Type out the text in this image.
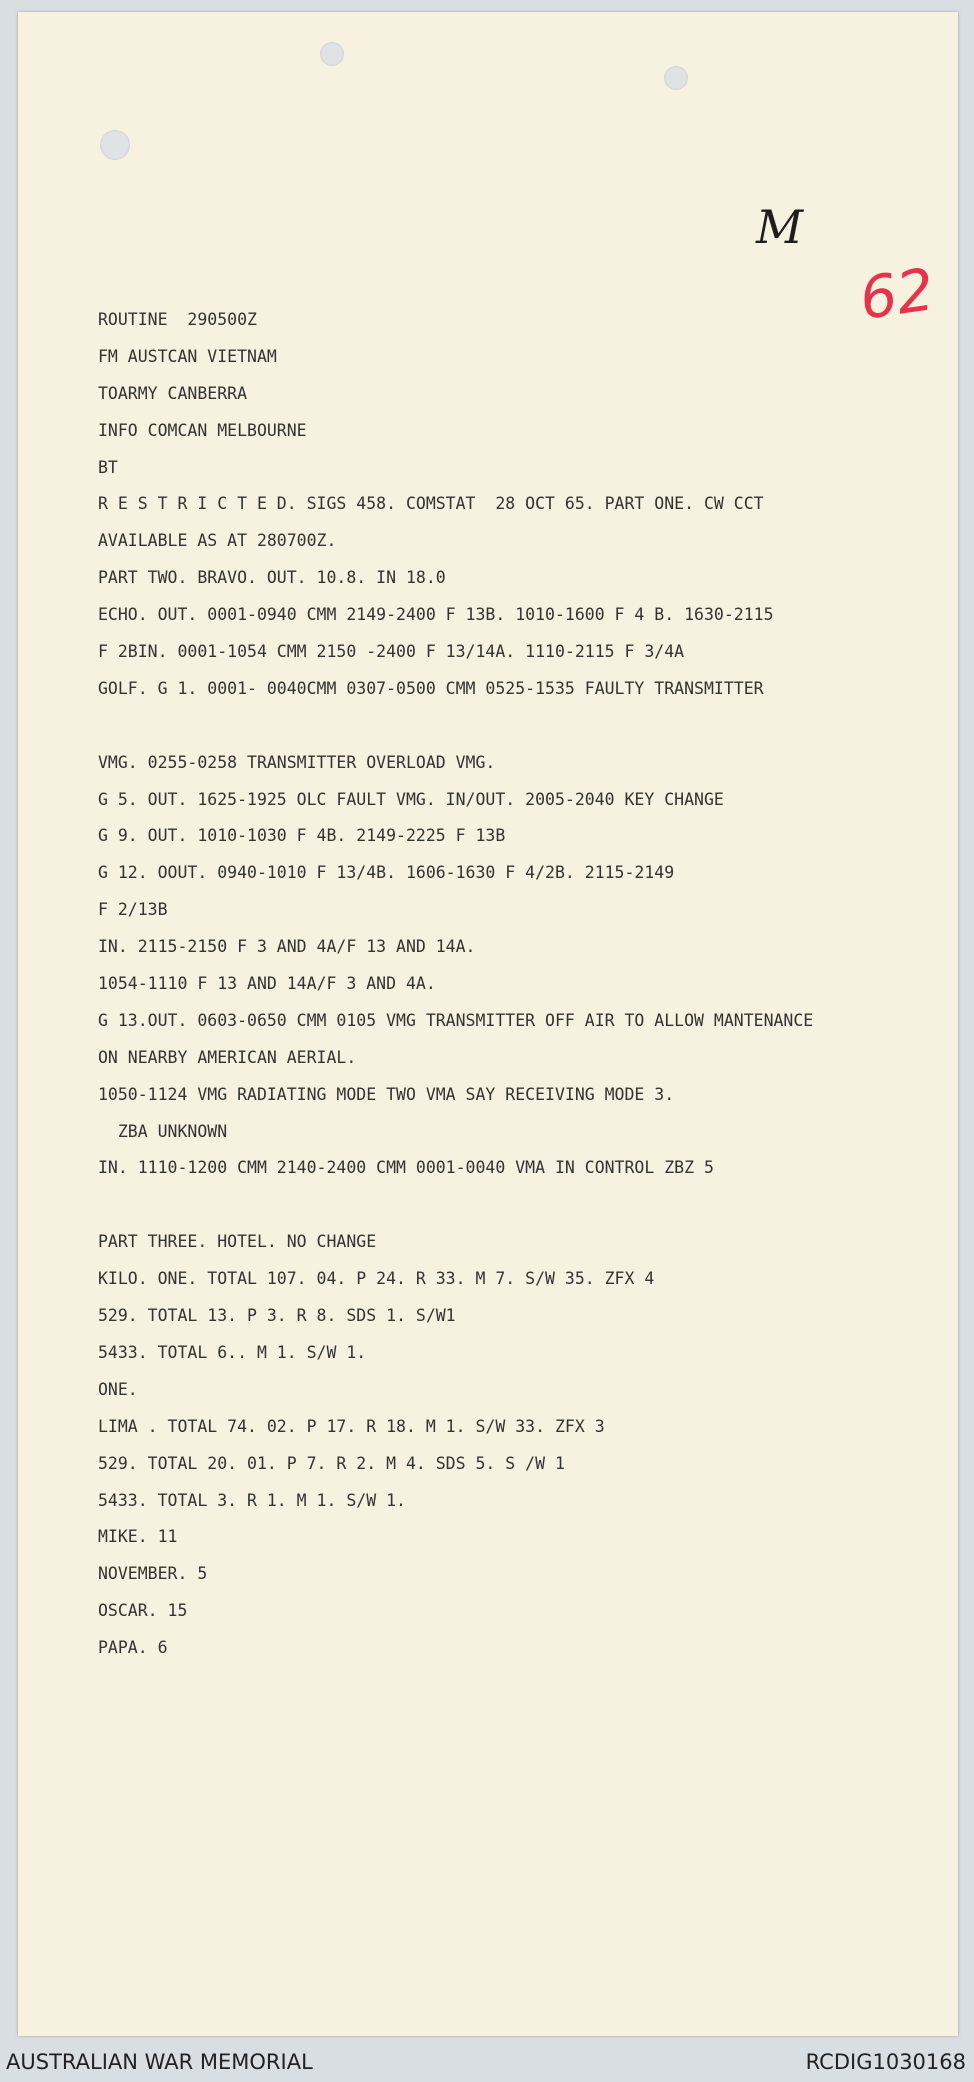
M
62
ROUTINE  290500Z
FM AUSTCAN VIETNAM
TOARMY CANBERRA
INFO COMCAN MELBOURNE
BT
R E S T R I C T E D. SIGS 458. COMSTAT  28 OCT 65. PART ONE. CW CCT
AVAILABLE AS AT 280700Z.
PART TWO. BRAVO. OUT. 10.8. IN 18.0
ECHO. OUT. 0001-0940 CMM 2149-2400 F 13B. 1010-1600 F 4 B. 1630-2115
F 2BIN. 0001-1054 CMM 2150 -2400 F 13/14A. 1110-2115 F 3/4A
GOLF. G 1. 0001- 0040CMM 0307-0500 CMM 0525-1535 FAULTY TRANSMITTER
VMG. 0255-0258 TRANSMITTER OVERLOAD VMG.
G 5. OUT. 1625-1925 OLC FAULT VMG. IN/OUT. 2005-2040 KEY CHANGE
G 9. OUT. 1010-1030 F 4B. 2149-2225 F 13B
G 12. OOUT. 0940-1010 F 13/4B. 1606-1630 F 4/2B. 2115-2149
F 2/13B
IN. 2115-2150 F 3 AND 4A/F 13 AND 14A.
1054-1110 F 13 AND 14A/F 3 AND 4A.
G 13.OUT. 0603-0650 CMM 0105 VMG TRANSMITTER OFF AIR TO ALLOW MANTENANCE
ON NEARBY AMERICAN AERIAL.
1050-1124 VMG RADIATING MODE TWO VMA SAY RECEIVING MODE 3.
ZBA UNKNOWN
IN. 1110-1200 CMM 2140-2400 CMM 0001-0040 VMA IN CONTROL ZBZ 5
PART THREE. HOTEL. NO CHANGE
KILO. ONE. TOTAL 107. 04. P 24. R 33. M 7. S/W 35. ZFX 4
529. TOTAL 13. P 3. R 8. SDS 1. S/W1
5433. TOTAL 6.. M 1. S/W 1.
ONE.
LIMA . TOTAL 74. 02. P 17. R 18. M 1. S/W 33. ZFX 3
529. TOTAL 20. 01. P 7. R 2. M 4. SDS 5. S /W 1
5433. TOTAL 3. R 1. M 1. S/W 1.
MIKE. 11
NOVEMBER. 5
OSCAR. 15
PAPA. 6
AUSTRALIAN WAR MEMORIAL	RCDIG1030168
